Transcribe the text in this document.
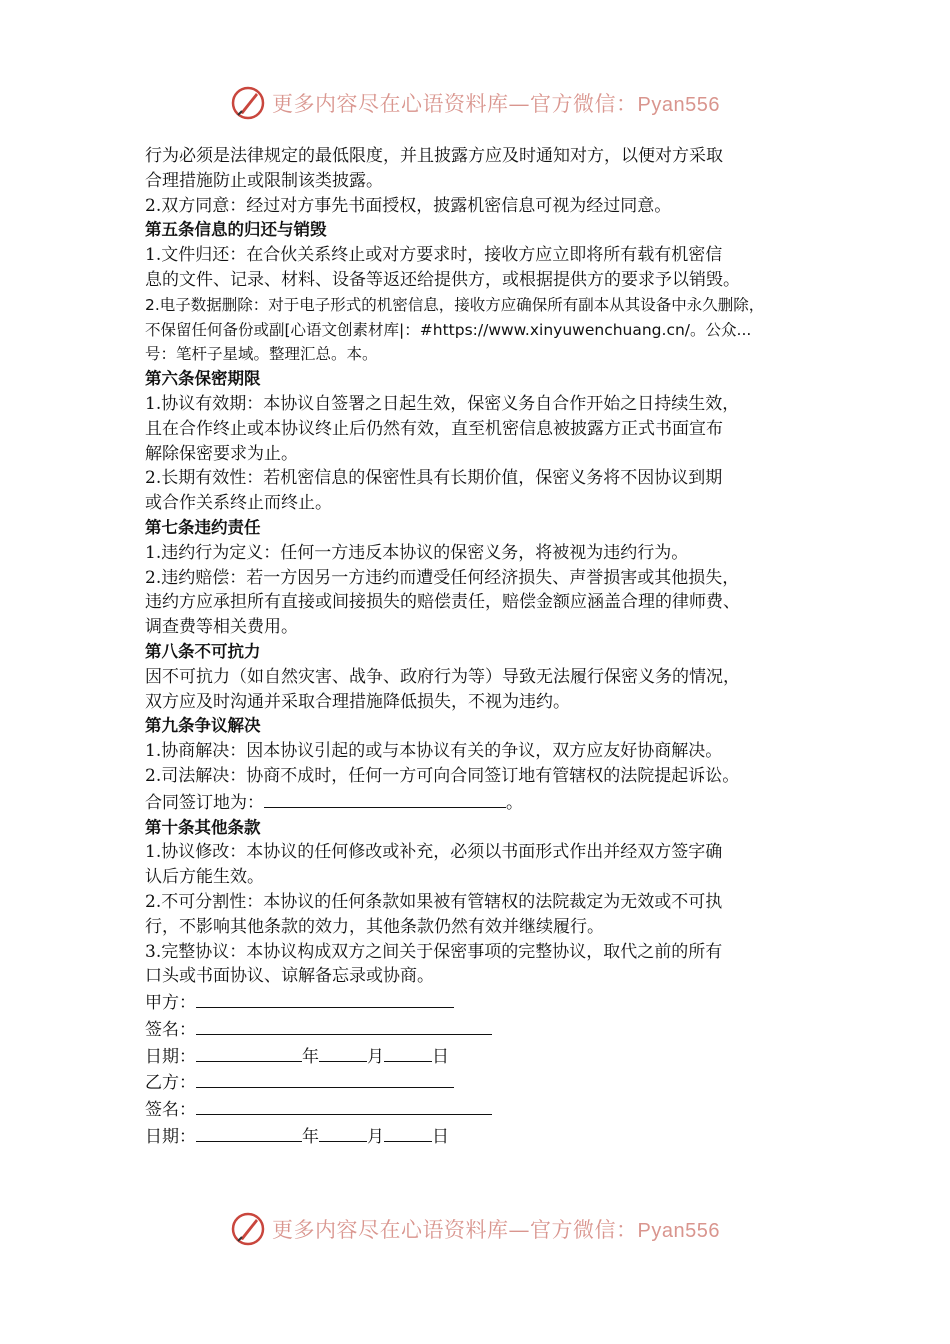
更多内容尽在心语资料库—官方微信：Pyan556

行为必须是法律规定的最低限度，并且披露方应及时通知对方，以便对方采取

合理措施防止或限制该类披露。

2.双方同意：经过对方事先书面授权，披露机密信息可视为经过同意。

第五条信息的归还与销毁

1.文件归还：在合伙关系终止或对方要求时，接收方应立即将所有载有机密信

息的文件、记录、材料、设备等返还给提供方，或根据提供方的要求予以销毁。

2.电子数据删除：对于电子形式的机密信息，接收方应确保所有副本从其设备中永久删除，

不保留任何备份或副[心语文创素材库|：#https://www.xinyuwenchuang.cn/。公众...

号：笔杆子星域。整理汇总。本。

第六条保密期限

1.协议有效期：本协议自签署之日起生效，保密义务自合作开始之日持续生效，

且在合作终止或本协议终止后仍然有效，直至机密信息被披露方正式书面宣布

解除保密要求为止。

2.长期有效性：若机密信息的保密性具有长期价值，保密义务将不因协议到期

或合作关系终止而终止。

第七条违约责任

1.违约行为定义：任何一方违反本协议的保密义务，将被视为违约行为。

2.违约赔偿：若一方因另一方违约而遭受任何经济损失、声誉损害或其他损失，

违约方应承担所有直接或间接损失的赔偿责任，赔偿金额应涵盖合理的律师费、

调查费等相关费用。

第八条不可抗力

因不可抗力（如自然灾害、战争、政府行为等）导致无法履行保密义务的情况，

双方应及时沟通并采取合理措施降低损失，不视为违约。

第九条争议解决

1.协商解决：因本协议引起的或与本协议有关的争议，双方应友好协商解决。

2.司法解决：协商不成时，任何一方可向合同签订地有管辖权的法院提起诉讼。

合同签订地为：	。

第十条其他条款

1.协议修改：本协议的任何修改或补充，必须以书面形式作出并经双方签字确

认后方能生效。

2.不可分割性：本协议的任何条款如果被有管辖权的法院裁定为无效或不可执

行，不影响其他条款的效力，其他条款仍然有效并继续履行。

3.完整协议：本协议构成双方之间关于保密事项的完整协议，取代之前的所有

口头或书面协议、谅解备忘录或协商。

甲方：

签名：

日期：	年	月	日

乙方：

签名：

日期：	年	月	日

更多内容尽在心语资料库—官方微信：Pyan556
